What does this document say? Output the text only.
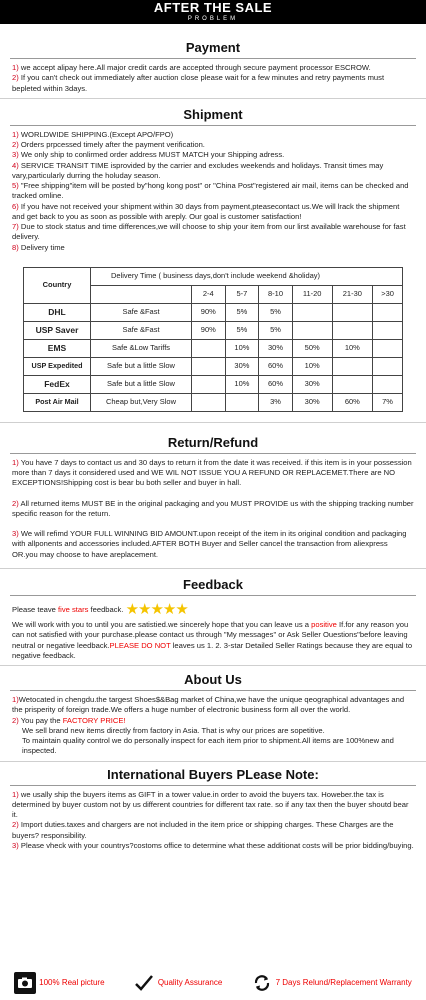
AFTER THE SALE
PROBLEM
Payment
1) we accept alipay here.All major credit cards are accepted through secure payment processor ESCROW.
2) If you can't check out immediately after auction close please wait for a few minutes and retry payments must bepleted within 3days.
Shipment
1) WORLDWIDE SHIPPING.(Except APO/FPO)
2) Orders prpcessed timely after the payment verification.
3) We only ship to conlirmed order address MUST MATCH your Shipping adress.
4) SERVICE TRANSIT TIME isprovided by the carrier and excludes weekends and holidays. Transit times may vary,particularly durring the holuday season.
5) "Free shipping"item will be posted by"hong kong post" or "China Post"registered air mail, items can be checked and tracked omline.
6) If you have not received your shipment within 30 days from payment,pteasecontact us.We will lrack the shipment and get back to you as soon as possible with areply. Our goal is customer satisfaction!
7) Due to stock status and time differences,we will choose to ship your item from our lirst available warehouse for fast delivery.
8) Delivery time
Country	Delivery Time ( business days,don't include weekend &holiday)						
		2-4	5-7	8-10	11-20	21-30	>30
DHL	Safe &Fast	90%	5%	5%			
USP Saver	Safe &Fast	90%	5%	5%			
EMS	Safe &Low Tariffs		10%	30%	50%	10%	
USP Expedited	Safe but a little Slow		30%	60%	10%		
FedEx	Safe but a little Slow		10%	60%	30%		
Post Air Mail	Cheap but,Very Slow			3%	30%	60%	7%
Return/Refund
1) You have 7 days to contact us and 30 days to return it from the date it was received. if this item is in your possession more than 7 days it considered used and WE WIL NOT ISSUE YOU A REFUND OR REPLACEMET.There are NO EXCEPTIONS!Shipping cost is bear bu both seller and buyer in hall.
2) All returned items MUST BE in the original packaging and you MUST PROVIDE us with the shipping tracking number specific reason for the return.
3) We will refimd YOUR FULL WINNING BID AMOUNT.upon receipt of the item in its original condition and packaging with allponents and accessories included.AFTER BOTH Buyer and Seller cancel the transaction from aliexpress OR.you may choose to have areplacement.
Feedback
Please teave five stars feedback. ★★★★★
We will work with you to until you are satistied.we sincerely hope that you can leave us a positive If.for any reason you can not satisfied with your purchase.please contact us through "My messages" or Ask Seller Ouestions"before leaving neutral or negative leedback.PLEASE DO NOT leaves us 1. 2. 3-star Detailed Seller Ratings because they are equal to negative feedback.
About Us
1)Wetocated in chengdu.the targest Shoes$&Bag market of China,we have the unique qeographical advantages and the prisperity of foreign trade.We offers a huge number of electronic business form all over the world.
2) You pay the FACTORY PRICE!
We sell brand new items directly from factory in Asia. That is why our prices are sopetitive.
To maintain quality control we do personally inspect for each item prior to shipment.All items are 100%new and inspected.
International Buyers PLease Note:
1) we usally ship the buyers items as GIFT in a tower value.in order to avoid the buyers tax. Howeber.the tax is determined by buyer custom not by us different countries for different tax rate. so if any tax then the buyer shoutd bear it.
2) Import duties.taxes and chargers are not included in the item price or shipping charges. These Charges are the buyers? responsibility.
3) Please vheck with your countrys?costoms office to determine what these additionat costs will be prior bidding/buying.
100% Real picture	Quality Assurance	7 Days Relund/Replacement Warranty
